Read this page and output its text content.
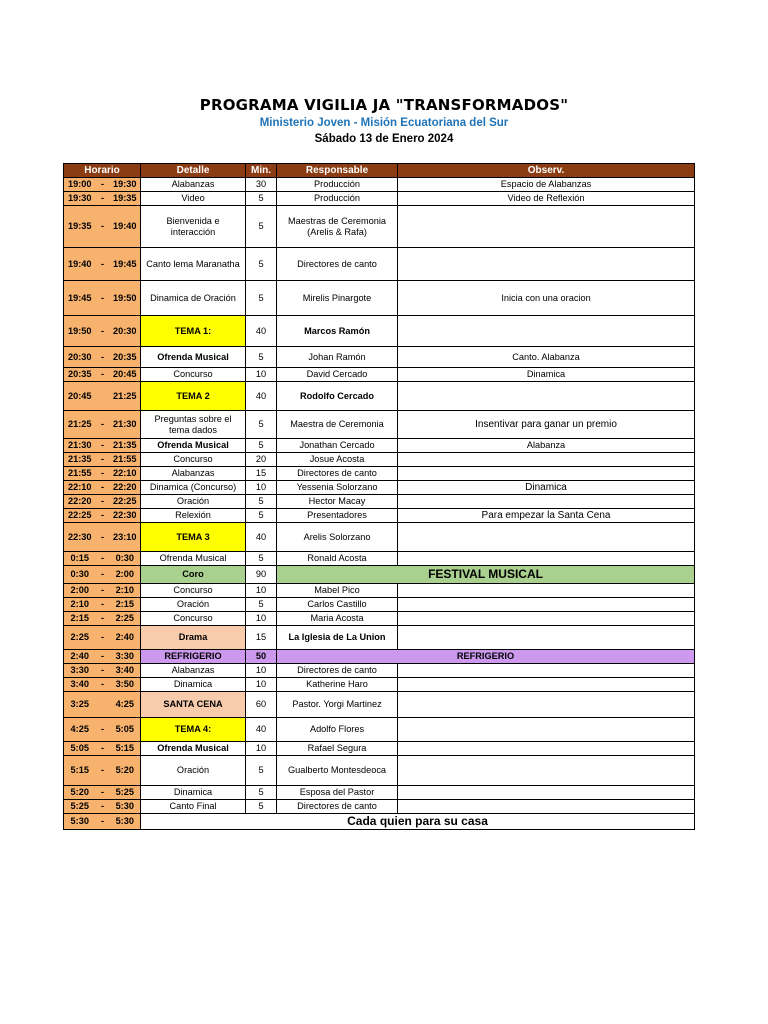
PROGRAMA VIGILIA JA "TRANSFORMADOS"
Ministerio Joven - Misión Ecuatoriana del Sur
Sábado 13 de Enero 2024
Horario			Detalle	Min.	Responsable	Observ.
19:00	-	19:30	Alabanzas	30	Producción	Espacio de Alabanzas
19:30	-	19:35	Video	5	Producción	Video de Reflexión
19:35	-	19:40	Bienvenida e interacción	5	Maestras de Ceremonia (Arelis & Rafa)	
19:40	-	19:45	Canto lema Maranatha	5	Directores de canto	
19:45	-	19:50	Dinamica de Oración	5	Mirelis Pinargote	Inicia con una oracion
19:50	-	20:30	TEMA 1:	40	Marcos Ramón	
20:30	-	20:35	Ofrenda Musical	5	Johan Ramón	Canto. Alabanza
20:35	-	20:45	Concurso	10	David Cercado	Dinamica
20:45		21:25	TEMA 2	40	Rodolfo Cercado	
21:25	-	21:30	Preguntas sobre el tema dados	5	Maestra de Ceremonia	Insentivar para ganar un premio
21:30	-	21:35	Ofrenda Musical	5	Jonathan Cercado	Alabanza
21:35	-	21:55	Concurso	20	Josue Acosta	
21:55	-	22:10	Alabanzas	15	Directores de canto	
22:10	-	22:20	Dinamica (Concurso)	10	Yessenia Solorzano	Dinamica
22:20	-	22:25	Oración	5	Hector Macay	
22:25	-	22:30	Relexión	5	Presentadores	Para empezar la Santa Cena
22:30	-	23:10	TEMA 3	40	Arelis Solorzano	
0:15	-	0:30	Ofrenda Musical	5	Ronald Acosta	
0:30	-	2:00	Coro	90	FESTIVAL MUSICAL	
2:00	-	2:10	Concurso	10	Mabel Pico	
2:10	-	2:15	Oración	5	Carlos Castillo	
2:15	-	2:25	Concurso	10	Maria Acosta	
2:25	-	2:40	Drama	15	La Iglesia de La Union	
2:40	-	3:30	REFRIGERIO	50	REFRIGERIO	
3:30	-	3:40	Alabanzas	10	Directores de canto	
3:40	-	3:50	Dinamica	10	Katherine Haro	
3:25		4:25	SANTA CENA	60	Pastor. Yorgi Martinez	
4:25	-	5:05	TEMA 4:	40	Adolfo Flores	
5:05	-	5:15	Ofrenda Musical	10	Rafael Segura	
5:15	-	5:20	Oración	5	Gualberto Montesdeoca	
5:20	-	5:25	Dinamica	5	Esposa del Pastor	
5:25	-	5:30	Canto Final	5	Directores de canto	
5:30	-	5:30	Cada quien para su casa			
